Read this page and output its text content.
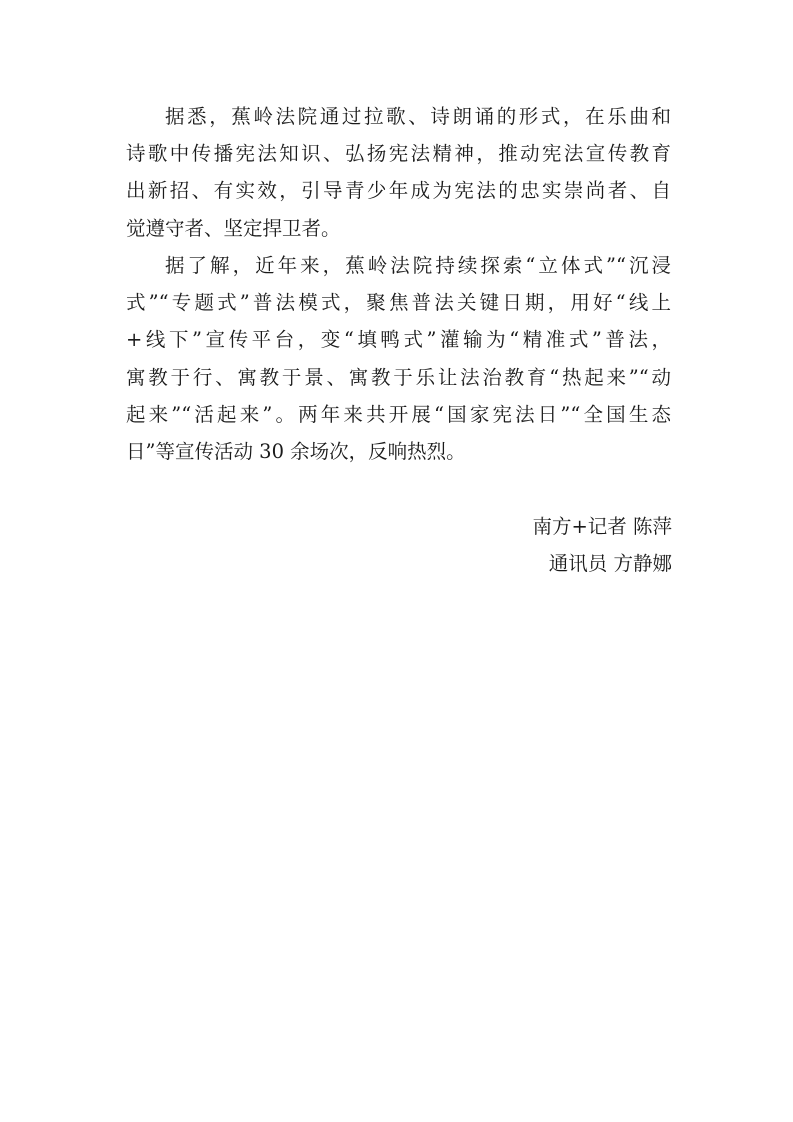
据悉，蕉岭法院通过拉歌、诗朗诵的形式，在乐曲和
诗歌中传播宪法知识、弘扬宪法精神，推动宪法宣传教育
出新招、有实效，引导青少年成为宪法的忠实崇尚者、自
觉遵守者、坚定捍卫者。
据了解，近年来，蕉岭法院持续探索“立体式”“沉浸
式”“专题式”普法模式，聚焦普法关键日期，用好“线上
+线下”宣传平台，变“填鸭式”灌输为“精准式”普法，
寓教于行、寓教于景、寓教于乐让法治教育“热起来”“动
起来”“活起来”。两年来共开展“国家宪法日”“全国生态
日”等宣传活动 30 余场次，反响热烈。
南方+记者 陈萍
通讯员 方静娜
